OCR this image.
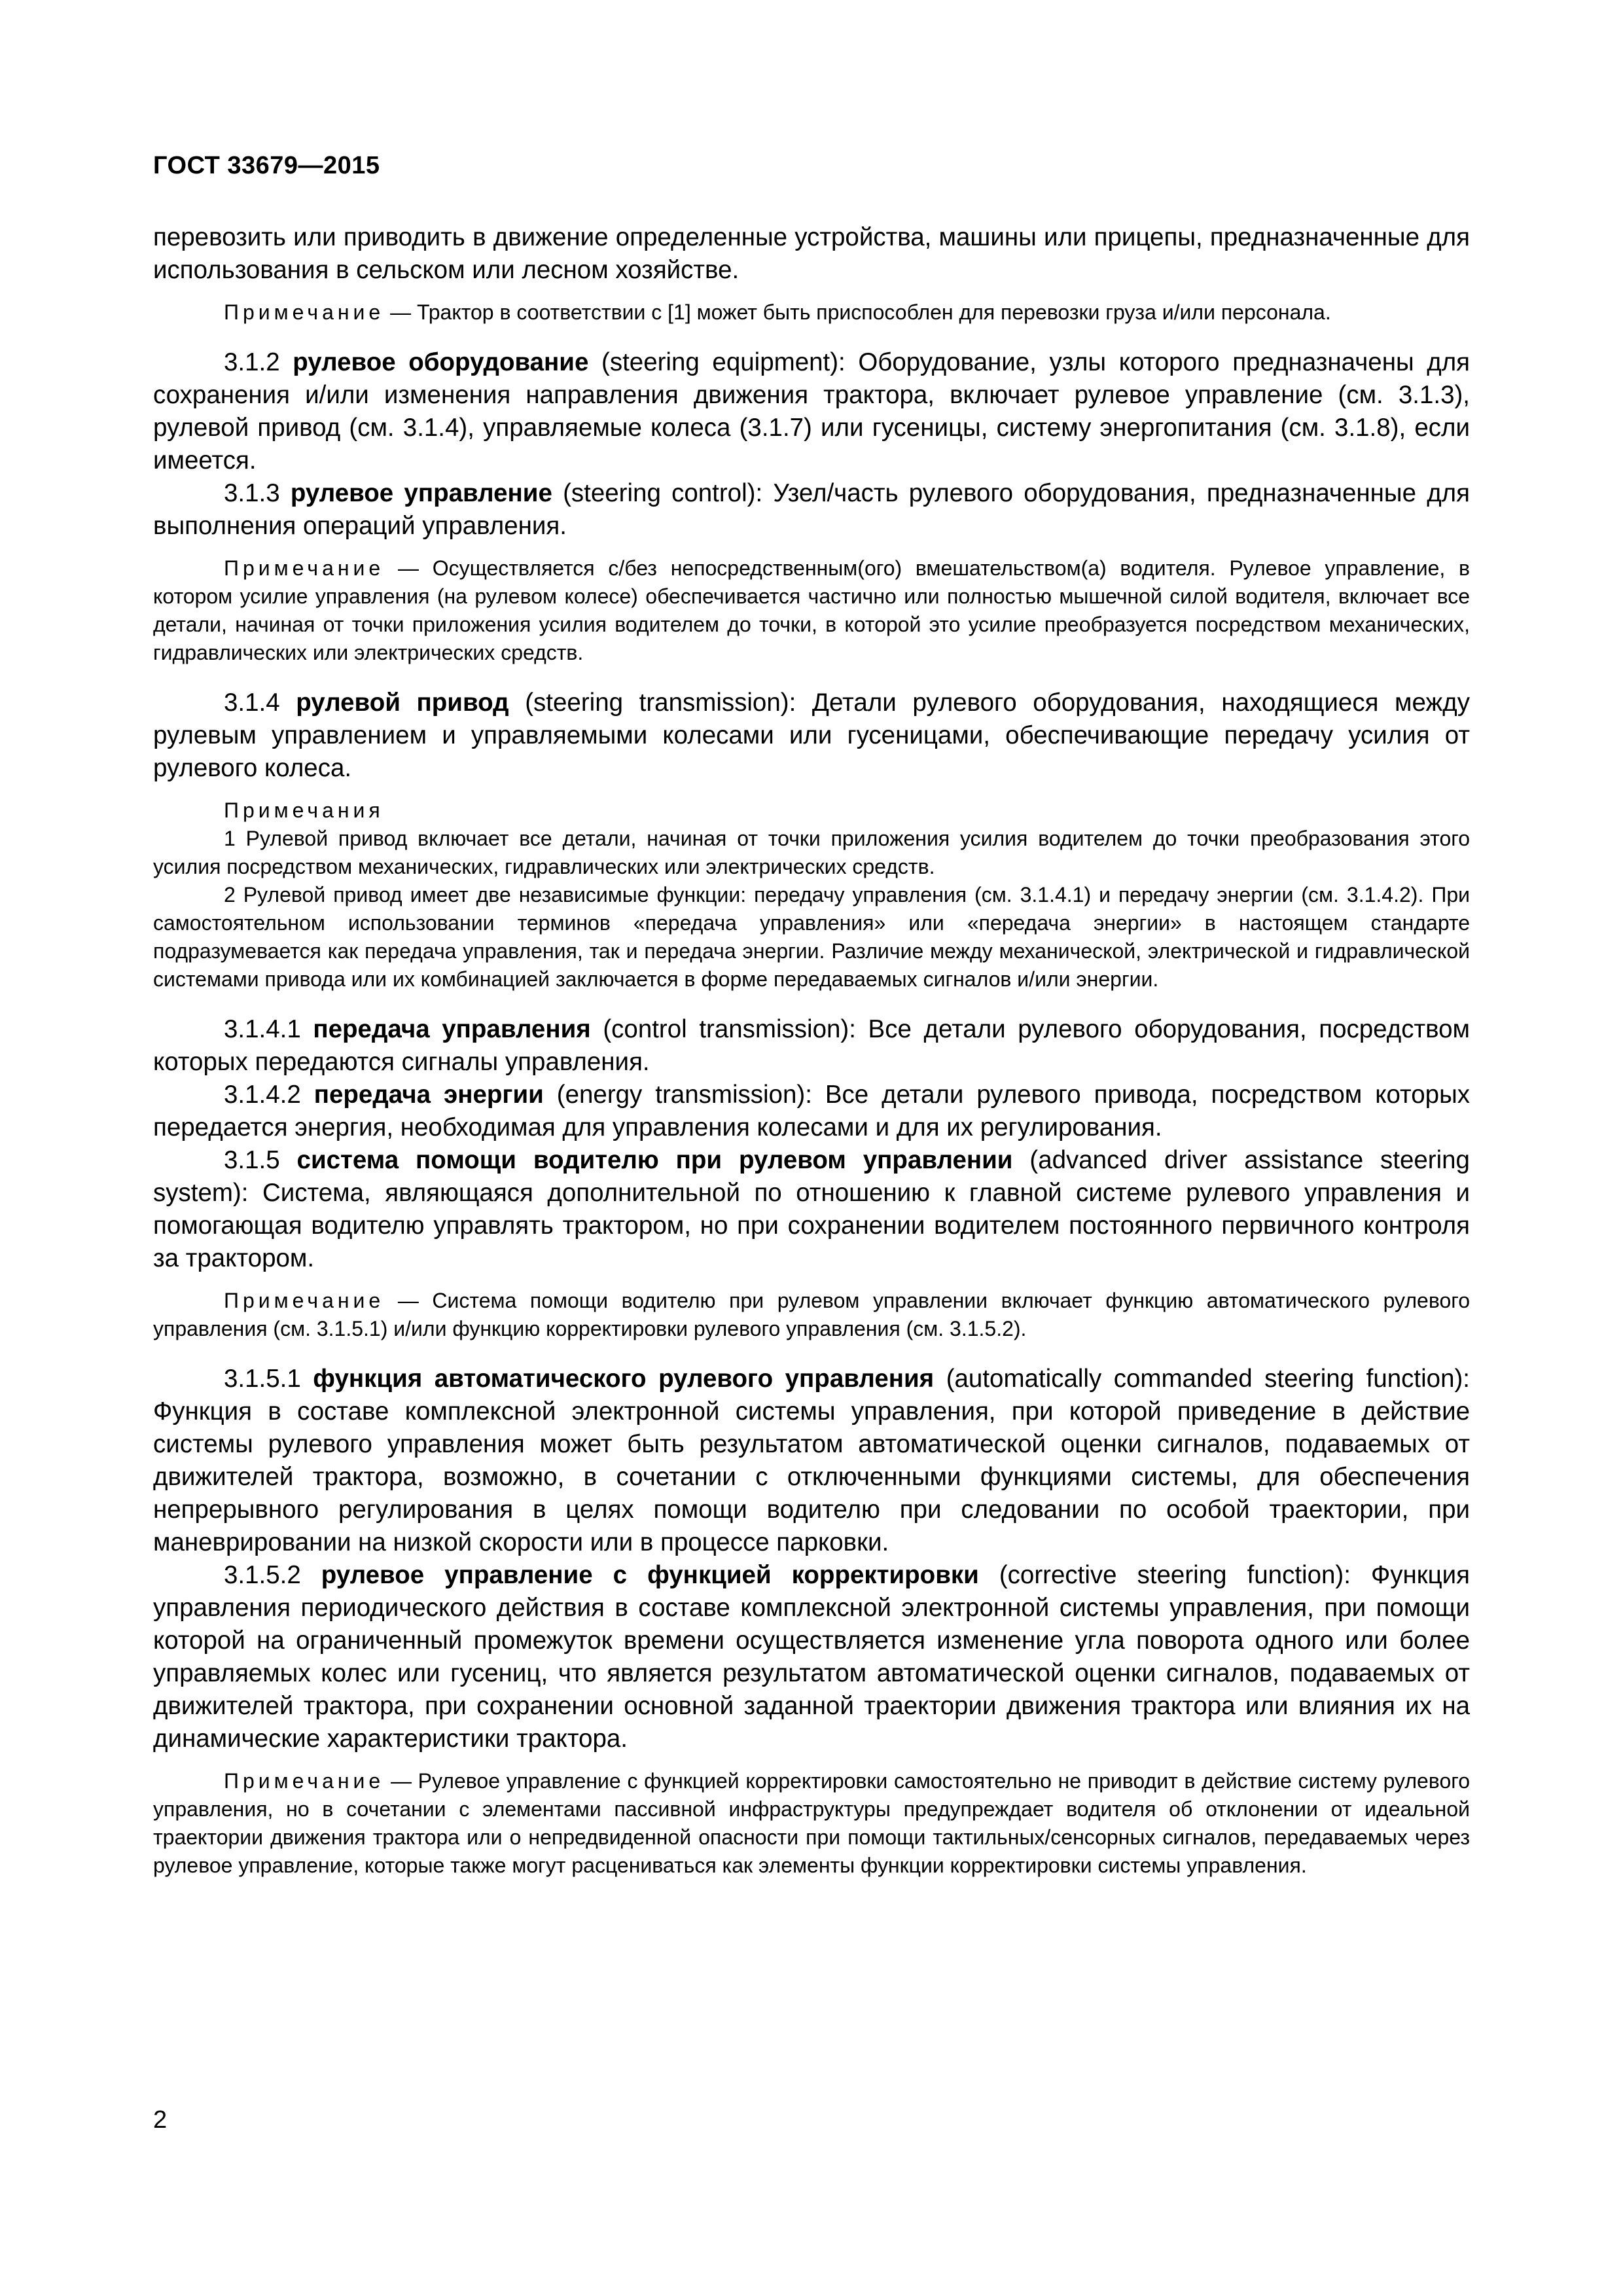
ГОСТ 33679—2015

перевозить или приводить в движение определенные устройства, машины или прицепы, предназначенные для использования в сельском или лесном хозяйстве.

Примечание — Трактор в соответствии с [1] может быть приспособлен для перевозки груза и/или персонала.

3.1.2 рулевое оборудование (steering equipment): Оборудование, узлы которого предназначены для сохранения и/или изменения направления движения трактора, включает рулевое управление (см. 3.1.3), рулевой привод (см. 3.1.4), управляемые колеса (3.1.7) или гусеницы, систему энергопитания (см. 3.1.8), если имеется.

3.1.3 рулевое управление (steering control): Узел/часть рулевого оборудования, предназначенные для выполнения операций управления.

Примечание — Осуществляется с/без непосредственным(ого) вмешательством(а) водителя. Рулевое управление, в котором усилие управления (на рулевом колесе) обеспечивается частично или полностью мышечной силой водителя, включает все детали, начиная от точки приложения усилия водителем до точки, в которой это усилие преобразуется посредством механических, гидравлических или электрических средств.

3.1.4 рулевой привод (steering transmission): Детали рулевого оборудования, находящиеся между рулевым управлением и управляемыми колесами или гусеницами, обеспечивающие передачу усилия от рулевого колеса.

Примечания

1 Рулевой привод включает все детали, начиная от точки приложения усилия водителем до точки преобразования этого усилия посредством механических, гидравлических или электрических средств.

2 Рулевой привод имеет две независимые функции: передачу управления (см. 3.1.4.1) и передачу энергии (см. 3.1.4.2). При самостоятельном использовании терминов «передача управления» или «передача энергии» в настоящем стандарте подразумевается как передача управления, так и передача энергии. Различие между механической, электрической и гидравлической системами привода или их комбинацией заключается в форме передаваемых сигналов и/или энергии.

3.1.4.1 передача управления (control transmission): Все детали рулевого оборудования, посредством которых передаются сигналы управления.

3.1.4.2 передача энергии (energy transmission): Все детали рулевого привода, посредством которых передается энергия, необходимая для управления колесами и для их регулирования.

3.1.5 система помощи водителю при рулевом управлении (advanced driver assistance steering system): Система, являющаяся дополнительной по отношению к главной системе рулевого управления и помогающая водителю управлять трактором, но при сохранении водителем постоянного первичного контроля за трактором.

Примечание — Система помощи водителю при рулевом управлении включает функцию автоматического рулевого управления (см. 3.1.5.1) и/или функцию корректировки рулевого управления (см. 3.1.5.2).

3.1.5.1 функция автоматического рулевого управления (automatically commanded steering function): Функция в составе комплексной электронной системы управления, при которой приведение в действие системы рулевого управления может быть результатом автоматической оценки сигналов, подаваемых от движителей трактора, возможно, в сочетании с отключенными функциями системы, для обеспечения непрерывного регулирования в целях помощи водителю при следовании по особой траектории, при маневрировании на низкой скорости или в процессе парковки.

3.1.5.2 рулевое управление с функцией корректировки (corrective steering function): Функция управления периодического действия в составе комплексной электронной системы управления, при помощи которой на ограниченный промежуток времени осуществляется изменение угла поворота одного или более управляемых колес или гусениц, что является результатом автоматической оценки сигналов, подаваемых от движителей трактора, при сохранении основной заданной траектории движения трактора или влияния их на динамические характеристики трактора.

Примечание — Рулевое управление с функцией корректировки самостоятельно не приводит в действие систему рулевого управления, но в сочетании с элементами пассивной инфраструктуры предупреждает водителя об отклонении от идеальной траектории движения трактора или о непредвиденной опасности при помощи тактильных/сенсорных сигналов, передаваемых через рулевое управление, которые также могут расцениваться как элементы функции корректировки системы управления.

2
